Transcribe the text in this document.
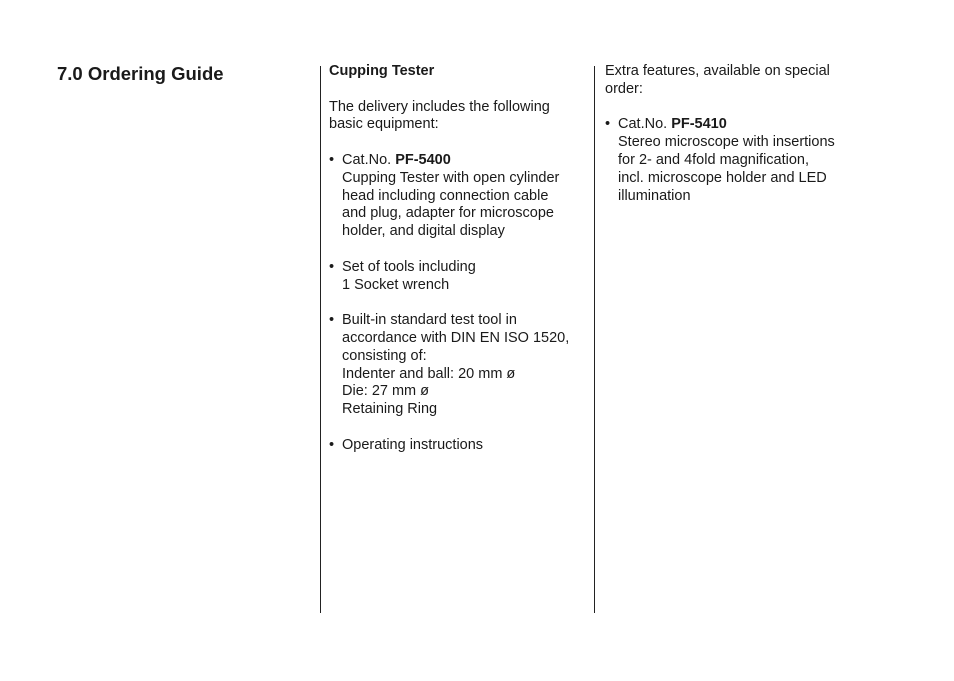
7.0 Ordering Guide	Cupping Tester

The delivery includes the following
basic equipment:

• Cat.No. PF-5400
Cupping Tester with open cylinder
head including connection cable
and plug, adapter for microscope
holder, and digital display
• Set of tools including
1 Socket wrench
• Built-in standard test tool in
accordance with DIN EN ISO 1520,
consisting of:
Indenter and ball: 20 mm ø
Die: 27 mm ø
Retaining Ring
• Operating instructions

Extra features, available on special
order:

• Cat.No. PF-5410
Stereo microscope with insertions
for 2- and 4fold magnification,
incl. microscope holder and LED
illumination
